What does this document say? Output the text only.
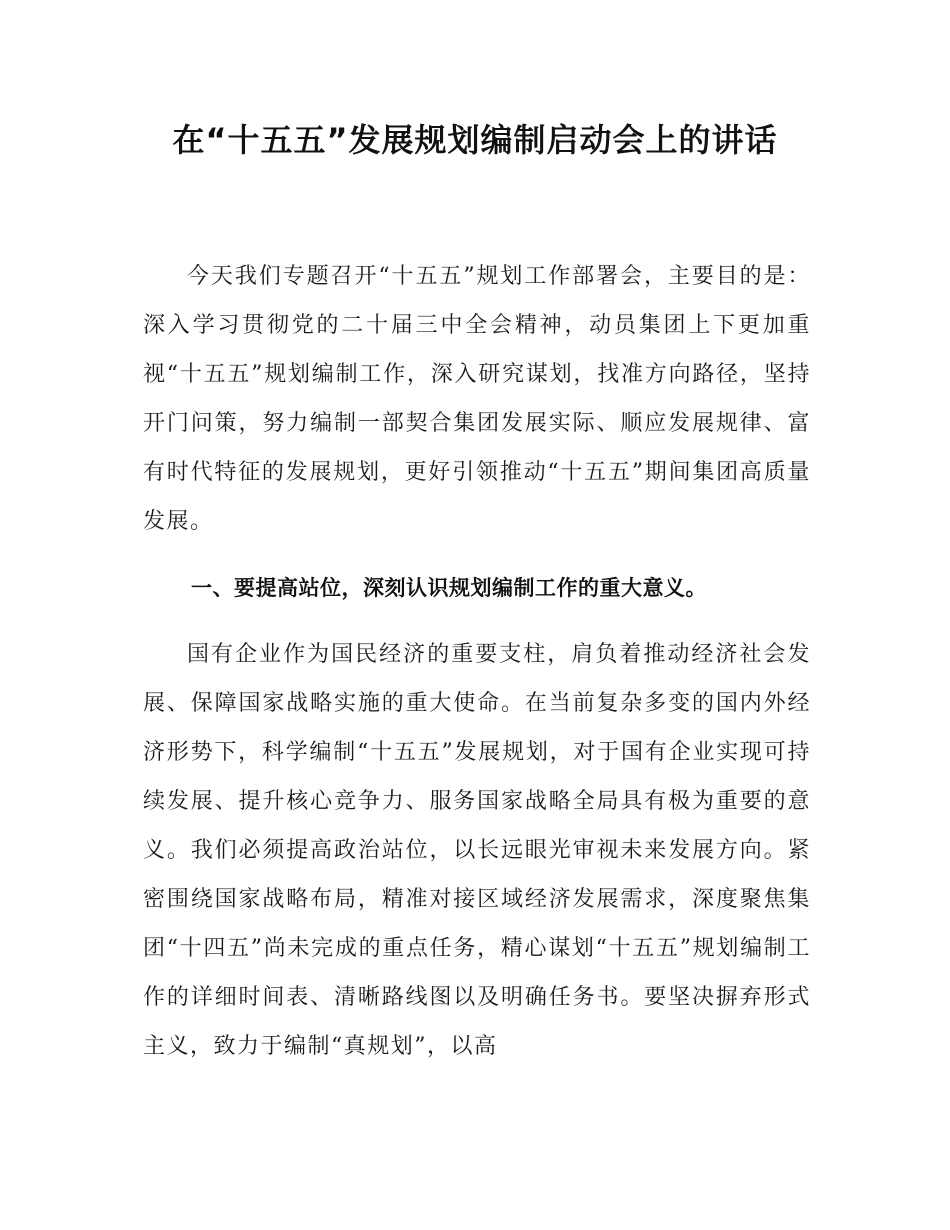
在“十五五”发展规划编制启动会上的讲话

今天我们专题召开“十五五”规划工作部署会，主要目的是：深入学习贯彻党的二十届三中全会精神，动员集团上下更加重视“十五五”规划编制工作，深入研究谋划，找准方向路径，坚持开门问策，努力编制一部契合集团发展实际、顺应发展规律、富有时代特征的发展规划，更好引领推动“十五五”期间集团高质量发展。

一、要提高站位，深刻认识规划编制工作的重大意义。

国有企业作为国民经济的重要支柱，肩负着推动经济社会发展、保障国家战略实施的重大使命。在当前复杂多变的国内外经济形势下，科学编制“十五五”发展规划，对于国有企业实现可持续发展、提升核心竞争力、服务国家战略全局具有极为重要的意义。我们必须提高政治站位，以长远眼光审视未来发展方向。紧密围绕国家战略布局，精准对接区域经济发展需求，深度聚焦集团“十四五”尚未完成的重点任务，精心谋划“十五五”规划编制工作的详细时间表、清晰路线图以及明确任务书。要坚决摒弃形式主义，致力于编制“真规划”，以高
